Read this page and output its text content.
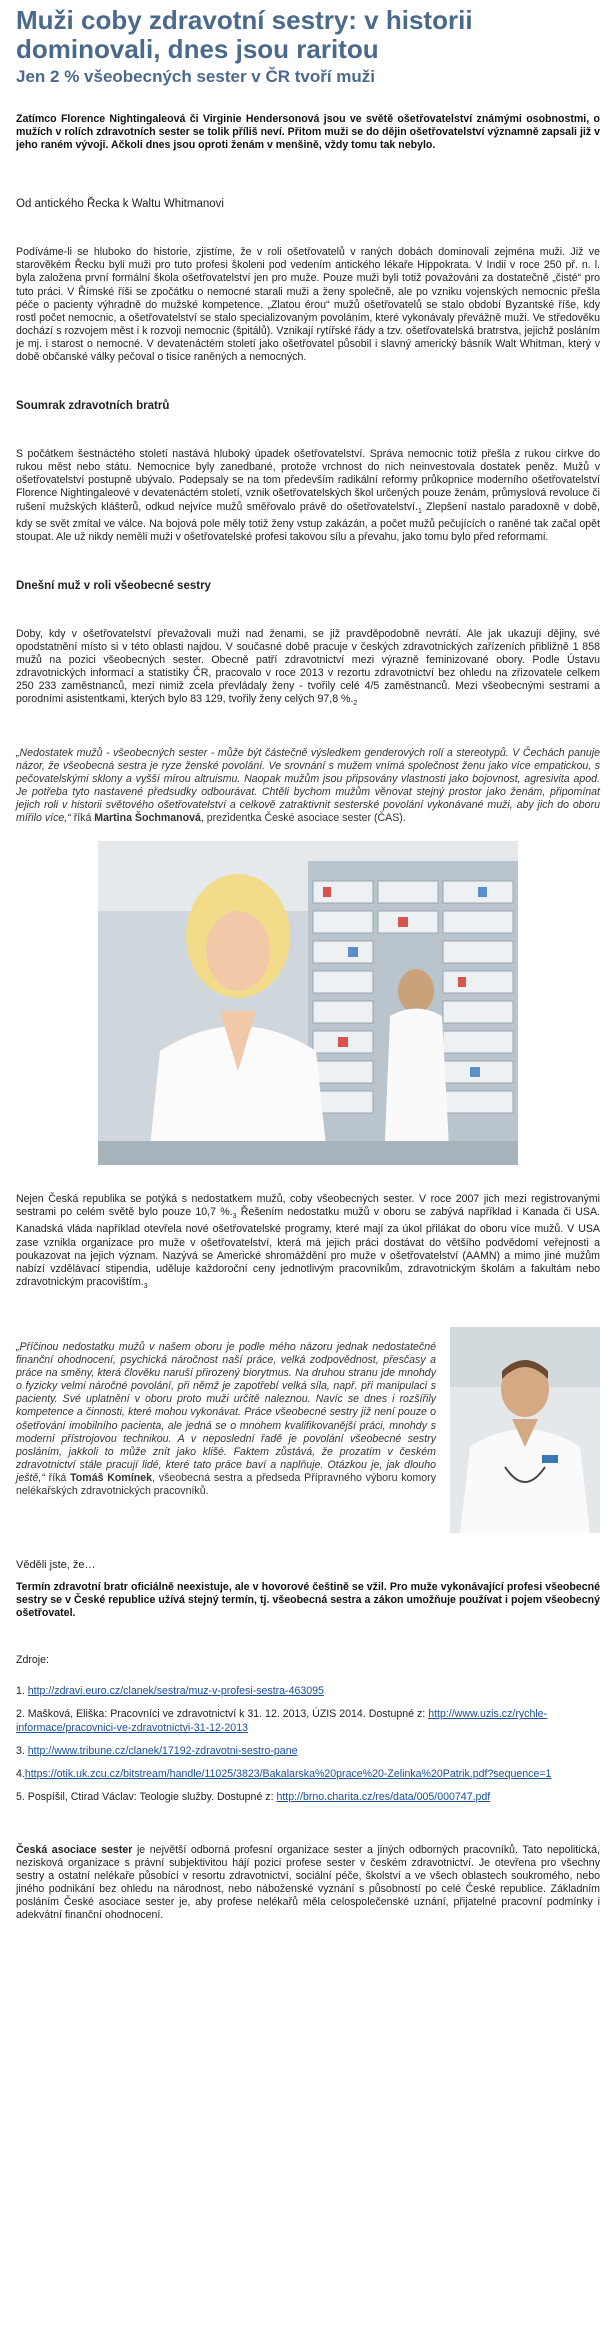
Muži coby zdravotní sestry: v historii dominovali, dnes jsou raritou
Jen 2 % všeobecných sester v ČR tvoří muži

Zatímco Florence Nightingaleová či Virginie Hendersonová jsou ve světě ošetřovatelství známými osobnostmi, o mužích v rolích zdravotních sester se tolik příliš neví. Přitom muži se do dějin ošetřovatelství významně zapsali již v jeho raném vývoji. Ačkoli dnes jsou oproti ženám v menšině, vždy tomu tak nebylo.

Od antického Řecka k Waltu Whitmanovi

Podíváme-li se hluboko do historie, zjistíme, že v roli ošetřovatelů v raných dobách dominovali zejména muži. Již ve starověkém Řecku byli muži pro tuto profesi školeni pod vedením antického lékaře Hippokrata. V Indii v roce 250 př. n. l. byla založena první formální škola ošetřovatelství jen pro muže. Pouze muži byli totiž považováni za dostatečně „čisté“ pro tuto práci. V Římské říši se zpočátku o nemocné starali muži a ženy společně, ale po vzniku vojenských nemocnic přešla péče o pacienty výhradně do mužské kompetence. „Zlatou érou“ mužů ošetřovatelů se stalo období Byzantské říše, kdy rostl počet nemocnic, a ošetřovatelství se stalo specializovaným povoláním, které vykonávaly převážně muži. Ve středověku dochází s rozvojem měst i k rozvoji nemocnic (špitálů). Vznikají rytířské řády a tzv. ošetřovatelská bratrstva, jejichž posláním je mj. i starost o nemocné. V devatenáctém století jako ošetřovatel působil i slavný americký básník Walt Whitman, který v době občanské války pečoval o tisíce raněných a nemocných.

Soumrak zdravotních bratrů

S počátkem šestnáctého století nastává hluboký úpadek ošetřovatelství. Správa nemocnic totiž přešla z rukou církve do rukou měst nebo státu. Nemocnice byly zanedbané, protože vrchnost do nich neinvestovala dostatek peněz. Mužů v ošetřovatelství postupně ubývalo. Podepsaly se na tom především radikální reformy průkopnice moderního ošetřovatelství Florence Nightingaleové v devatenáctém století, vznik ošetřovatelských škol určených pouze ženám, průmyslová revoluce či rušení mužských klášterů, odkud nejvíce mužů směřovalo právě do $ošetřovatelství._1$ Zlepšení nastalo paradoxně v době, kdy se svět zmítal ve válce. Na bojová pole měly totiž ženy vstup zakázán, a počet mužů pečujících o raněné tak začal opět stoupat. Ale už nikdy neměli muži v ošetřovatelské profesi takovou sílu a převahu, jako tomu bylo před reformami.

Dnešní muž v roli všeobecné sestry

Doby, kdy v ošetřovatelství převažovali muži nad ženami, se již pravděpodobně nevrátí. Ale jak ukazují dějiny, své opodstatnění místo si v této oblasti najdou. V současné době pracuje v českých zdravotnických zařízeních přibližně 1 858 mužů na pozici všeobecných sester. Obecně patří zdravotnictví mezi výrazně feminizované obory. Podle Ústavu zdravotnických informací a statistiky ČR, pracovalo v roce 2013 v rezortu zdravotnictví bez ohledu na zřizovatele celkem 250 233 zaměstnanců, mezi nimiž zcela převládaly ženy - tvořily celé 4/5 zaměstnanců. Mezi všeobecnými sestrami a porodními asistentkami, kterých bylo 83 129, tvořily ženy celých 97,8 $\%._2$

„Nedostatek mužů - všeobecných sester - může být částečně výsledkem genderových rolí a stereotypů. V Čechách panuje názor, že všeobecná sestra je ryze ženské povolání. Ve srovnání s mužem vnímá společnost ženu jako více empatickou, s pečovatelskými sklony a vyšší mírou altruismu. Naopak mužům jsou připsovány vlastnosti jako bojovnost, agresivita apod. Je potřeba tyto nastavené předsudky odbourávat. Chtěli bychom mužům věnovat stejný prostor jako ženám, připomínat jejich roli v historii světového ošetřovatelství a celkově zatraktivnit sesterské povolání vykonávané muži, aby jich do oboru mířilo více,“ říká Martina Šochmanová, prezidentka České asociace sester (ČAS).

Nejen Česká republika se potýká s nedostatkem mužů, coby všeobecných sester. V roce 2007 jich mezi registrovanými sestrami po celém světě bylo pouze 10,7 $\%._3$ Řešením nedostatku mužů v oboru se zabývá například i Kanada či USA. Kanadská vláda například otevřela nové ošetřovatelské programy, které mají za úkol přilákat do oboru více mužů. V USA zase vznikla organizace pro muže v ošetřovatelství, která má jejich práci dostávat do většího podvědomí veřejnosti a poukazovat na jejich význam. Nazývá se Americké shromáždění pro muže v ošetřovatelství (AAMN) a mimo jiné mužům nabízí vzdělávací stipendia, uděluje každoroční ceny jednotlivým pracovníkům, zdravotnickým školám a fakultám nebo zdravotnickým $pracovištím._3$

„Příčinou nedostatku mužů v našem oboru je podle mého názoru jednak nedostatečné finanční ohodnocení, psychická náročnost naší práce, velká zodpovědnost, přesčasy a práce na směny, která člověku naruší přirozený biorytmus. Na druhou stranu jde mnohdy o fyzicky velmi náročné povolání, při němž je zapotřebí velká síla, např. při manipulaci s pacienty. Své uplatnění v oboru proto muži určitě naleznou. Navíc se dnes i rozšířily kompetence a činnosti, které mohou vykonávat. Práce všeobecné sestry již není pouze o ošetřování imobilního pacienta, ale jedná se o mnohem kvalifikovanější práci, mnohdy s moderní přístrojovou technikou. A v neposlední řadě je povolání všeobecné sestry posláním, jakkoli to může znít jako klišé. Faktem zůstává, že prozatím v českém zdravotnictví stále pracují lidé, které tato práce baví a naplňuje. Otázkou je, jak dlouho ještě,“ říká Tomáš Komínek, všeobecná sestra a předseda Přípravného výboru komory nelékařských zdravotnických pracovníků.

Věděli jste, že…

Termín zdravotní bratr oficiálně neexistuje, ale v hovorové češtině se vžil. Pro muže vykonávající profesi všeobecné sestry se v České republice užívá stejný termín, tj. všeobecná sestra a zákon umožňuje používat i pojem všeobecný ošetřovatel.

Zdroje:

1. http://zdravi.euro.cz/clanek/sestra/muz-v-profesi-sestra-463095

2. Mašková, Eliška: Pracovníci ve zdravotnictví k 31. 12. 2013, ÚZIS 2014. Dostupné z: http://www.uzis.cz/rychle-informace/pracovnici-ve-zdravotnictvi-31-12-2013

3. http://www.tribune.cz/clanek/17192-zdravotni-sestro-pane

4.https://otik.uk.zcu.cz/bitstream/handle/11025/3823/Bakalarska%20prace%20-Zelinka%20Patrik.pdf?sequence=1

5. Pospíšil, Ctirad Václav: Teologie služby. Dostupné z: http://brno.charita.cz/res/data/005/000747.pdf

Česká asociace sester je největší odborná profesní organizace sester a jiných odborných pracovníků. Tato nepolitická, nezisková organizace s právní subjektivitou hájí pozici profese sester v českém zdravotnictví. Je otevřena pro všechny sestry a ostatní nelékaře působící v resortu zdravotnictví, sociální péče, školství a ve všech oblastech soukromého, nebo jiného podnikání bez ohledu na národnost, nebo náboženské vyznání s působností po celé České republice. Základním posláním České asociace sester je, aby profese nelékařů měla celospolečenské uznání, přijatelné pracovní podmínky i adekvátní finanční ohodnocení.
